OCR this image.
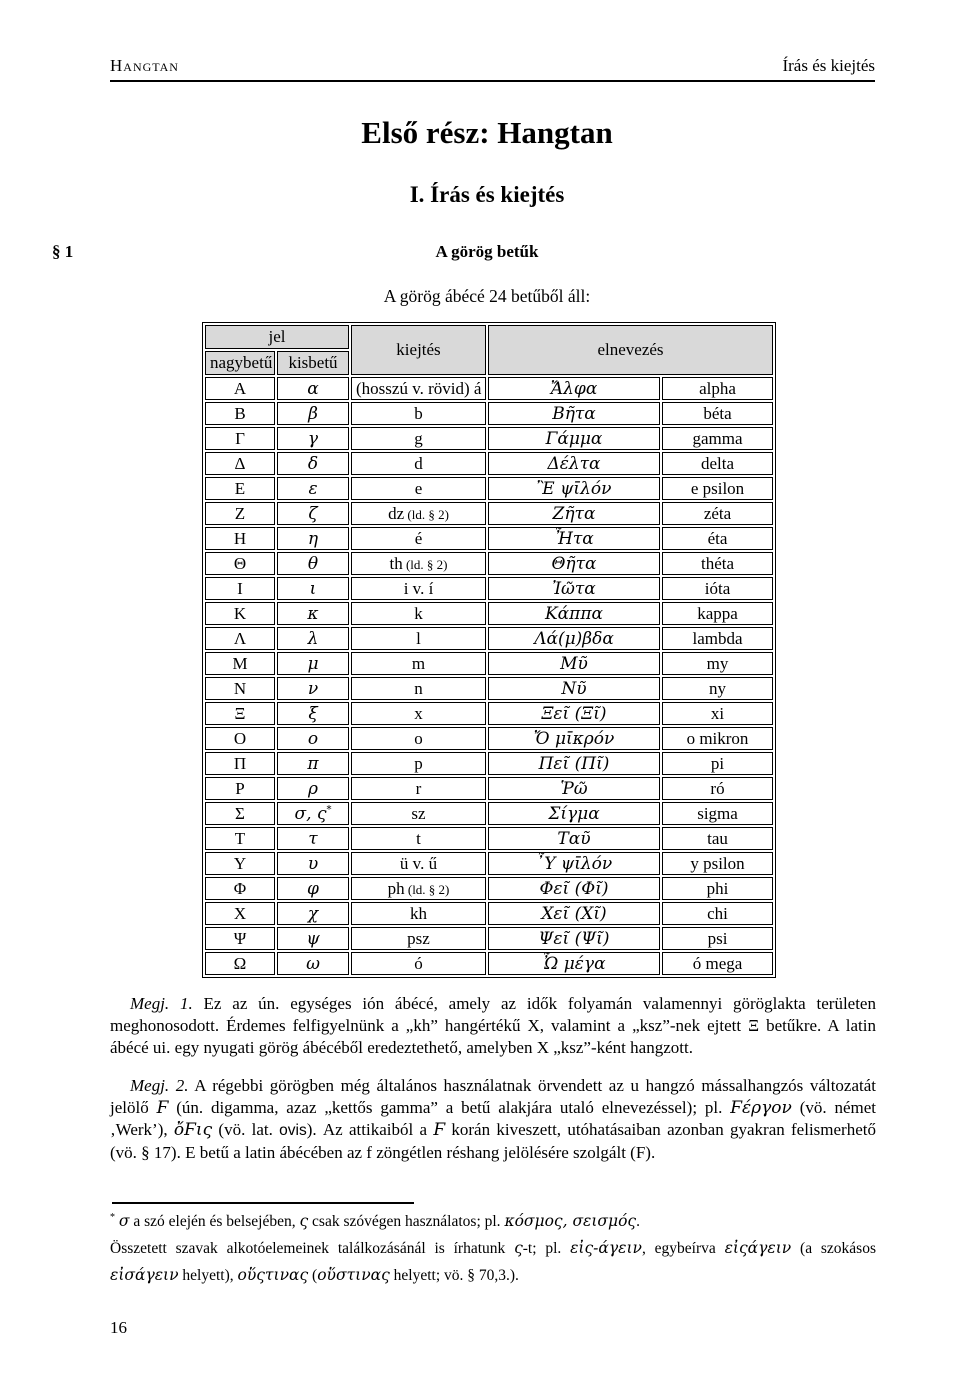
Hangtan	Írás és kiejtés
Első rész: Hangtan
I. Írás és kiejtés
§ 1	A görög betűk

A görög ábécé 24 betűből áll:

jel		kiejtés	elnevezés	
nagybetű	kisbetű			
Α	α	(hosszú v. rövid) á	Ἄλφα	alpha
Β	β	b	Βῆτα	béta
Γ	γ	g	Γάμμα	gamma
Δ	δ	d	Δέλτα	delta
Ε	ε	e	Ἒ ψῑλόν	e psilon
Ζ	ζ	dz (ld. § 2)	Ζῆτα	zéta
Η	η	é	Ἦτα	éta
Θ	θ	th (ld. § 2)	Θῆτα	théta
Ι	ι	i v. í	Ἰῶτα	ióta
Κ	κ	k	Κάππα	kappa
Λ	λ	l	Λά(μ)βδα	lambda
Μ	μ	m	Μῦ	my
Ν	ν	n	Νῦ	ny
Ξ	ξ	x	Ξεῖ (Ξῖ)	xi
Ο	ο	o	Ὄ μῑκρόν	o mikron
Π	π	p	Πεῖ (Πῖ)	pi
Ρ	ρ	r	Ῥῶ	ró
Σ	σ, ς*	sz	Σίγμα	sigma
Τ	τ	t	Ταῦ	tau
Υ	υ	ü v. ű	῏Υ ψῑλόν	y psilon
Φ	φ	ph (ld. § 2)	Φεῖ (Φῖ)	phi
Χ	χ	kh	Χεῖ (Χῖ)	chi
Ψ	ψ	psz	Ψεῖ (Ψῖ)	psi
Ω	ω	ó	Ὦ μέγα	ó mega

Megj. 1. Ez az ún. egységes ión ábécé, amely az idők folyamán valamennyi göröglakta területen meghonosodott. Érdemes felfigyelnünk a „kh” hangértékű Χ, valamint a „ksz”-nek ejtett Ξ betűkre. A latin ábécé ui. egy nyugati görög ábécéből eredeztethető, amelyben Χ „ksz”-ként hangzott.

Megj. 2. A régebbi görögben még általános használatnak örvendett az u hangzó mássalhangzós változatát jelölő Ϝ (ún. digamma, azaz „kettős gamma” a betű alakjára utaló elnevezéssel); pl. Ϝέργον (vö. német ‚Werk’), ὄϜις (vö. lat. ovis). Az attikaiból a Ϝ korán kiveszett, utóhatásaiban azonban gyakran felismerhető (vö. § 17). E betű a latin ábécében az f zöngétlen réshang jelölésére szolgált (F).

* σ a szó elején és belsejében, ς csak szóvégen használatos; pl. κόσμος, σεισμός.

Összetett szavak alkotóelemeinek találkozásánál is írhatunk ς-t; pl. εἰς-άγειν, egybeírva εἰςάγειν (a szokásos εἰσάγειν helyett), οὕςτινας (οὕστινας helyett; vö. § 70,3.).

16
